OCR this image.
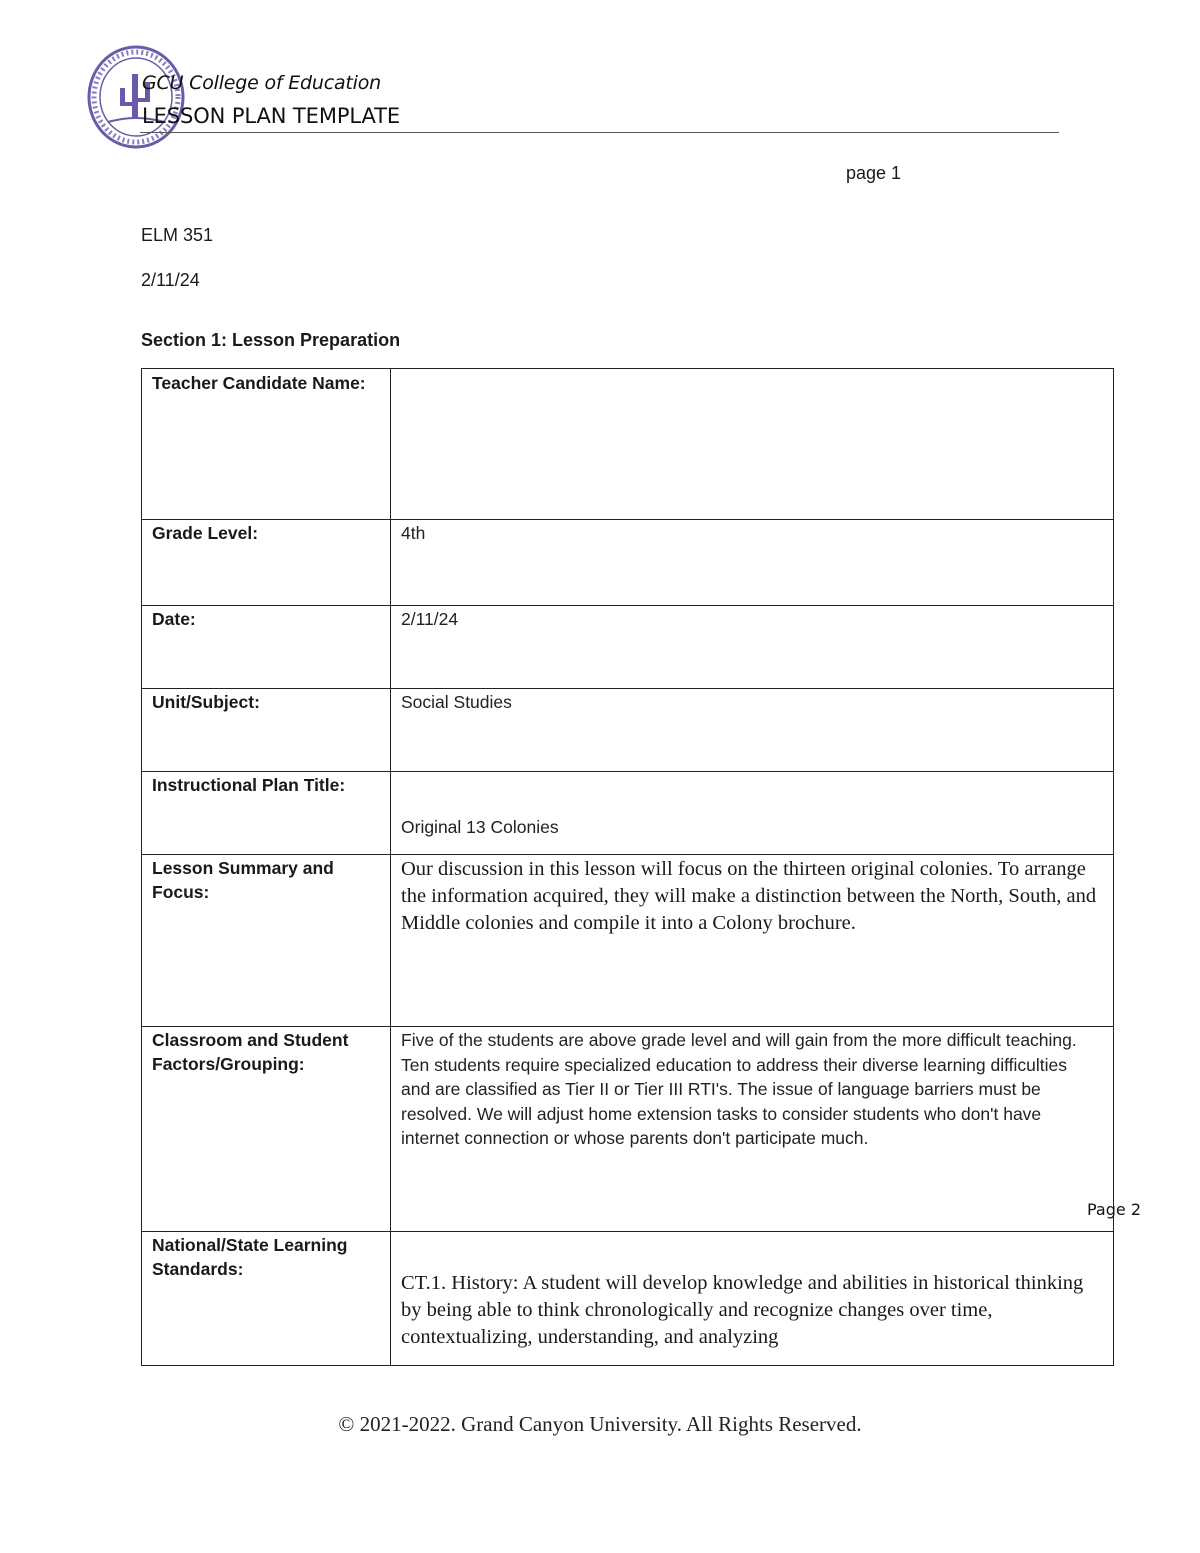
GCU College of Education
LESSON PLAN TEMPLATE
page 1
ELM 351
2/11/24
Section 1: Lesson Preparation
Teacher Candidate Name:
Grade Level:	4th
Date:	2/11/24
Unit/Subject:	Social Studies
Instructional Plan Title:
Original 13 Colonies
Lesson Summary and Focus:
Our discussion in this lesson will focus on the thirteen original colonies. To arrange the information acquired, they will make a distinction between the North, South, and Middle colonies and compile it into a Colony brochure.
Classroom and Student Factors/Grouping:
Five of the students are above grade level and will gain from the more difficult teaching. Ten students require specialized education to address their diverse learning difficulties and are classified as Tier II or Tier III RTI's. The issue of language barriers must be resolved. We will adjust home extension tasks to consider students who don't have internet connection or whose parents don't participate much.
National/State Learning Standards:
CT.1. History: A student will develop knowledge and abilities in historical thinking by being able to think chronologically and recognize changes over time, contextualizing, understanding, and analyzing
Page 2
© 2021-2022. Grand Canyon University. All Rights Reserved.
